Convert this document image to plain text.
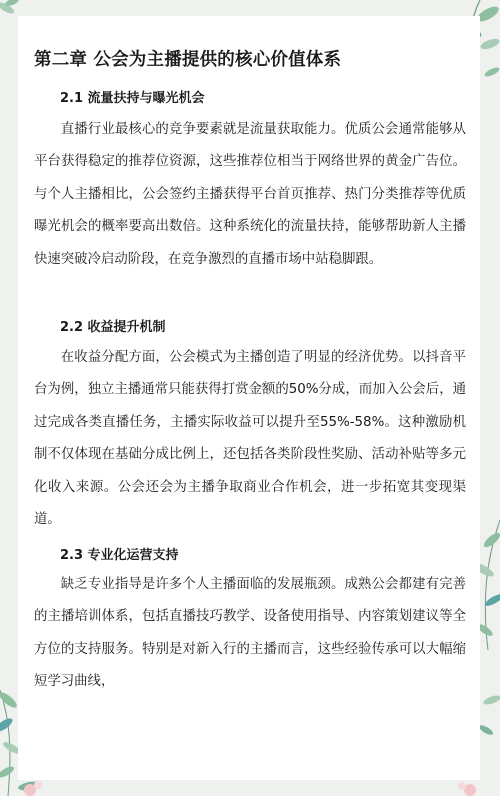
第二章 公会为主播提供的核心价值体系
2.1 流量扶持与曝光机会

直播行业最核心的竞争要素就是流量获取能力。优质公会通常能够从平台获得稳定的推荐位资源，这些推荐位相当于网络世界的黄金广告位。与个人主播相比，公会签约主播获得平台首页推荐、热门分类推荐等优质曝光机会的概率要高出数倍。这种系统化的流量扶持，能够帮助新人主播快速突破冷启动阶段，在竞争激烈的直播市场中站稳脚跟。

2.2 收益提升机制

在收益分配方面，公会模式为主播创造了明显的经济优势。以抖音平台为例，独立主播通常只能获得打赏金额的50%分成，而加入公会后，通过完成各类直播任务，主播实际收益可以提升至55%-58%。这种激励机制不仅体现在基础分成比例上，还包括各类阶段性奖励、活动补贴等多元化收入来源。公会还会为主播争取商业合作机会，进一步拓宽其变现渠道。

2.3 专业化运营支持

缺乏专业指导是许多个人主播面临的发展瓶颈。成熟公会都建有完善的主播培训体系，包括直播技巧教学、设备使用指导、内容策划建议等全方位的支持服务。特别是对新入行的主播而言，这些经验传承可以大幅缩短学习曲线，
